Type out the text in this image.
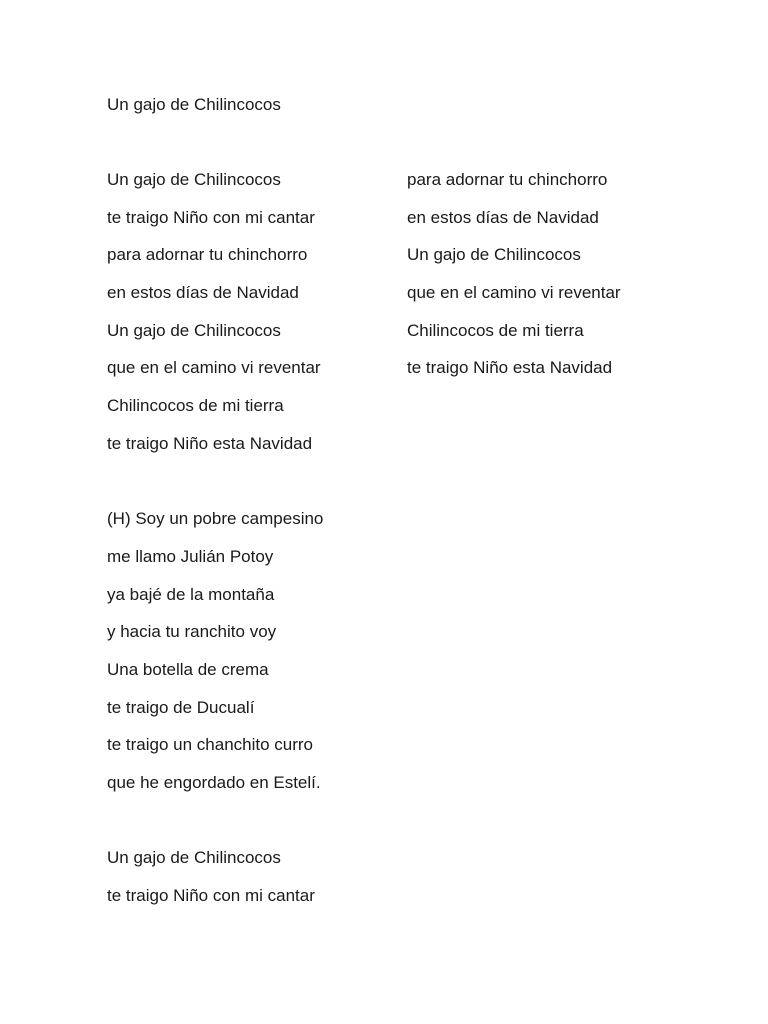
Un gajo de Chilincocos
Un gajo de Chilincocos
te traigo Niño con mi cantar
para adornar tu chinchorro
en estos días de Navidad
Un gajo de Chilincocos
que en el camino vi reventar
Chilincocos de mi tierra
te traigo Niño esta Navidad
(H) Soy un pobre campesino
me llamo Julián Potoy
ya bajé de la montaña
y hacia tu ranchito voy
Una botella de crema
te traigo de Ducualí
te traigo un chanchito curro
que he engordado en Estelí.
Un gajo de Chilincocos
te traigo Niño con mi cantar
para adornar tu chinchorro
en estos días de Navidad
Un gajo de Chilincocos
que en el camino vi reventar
Chilincocos de mi tierra
te traigo Niño esta Navidad
